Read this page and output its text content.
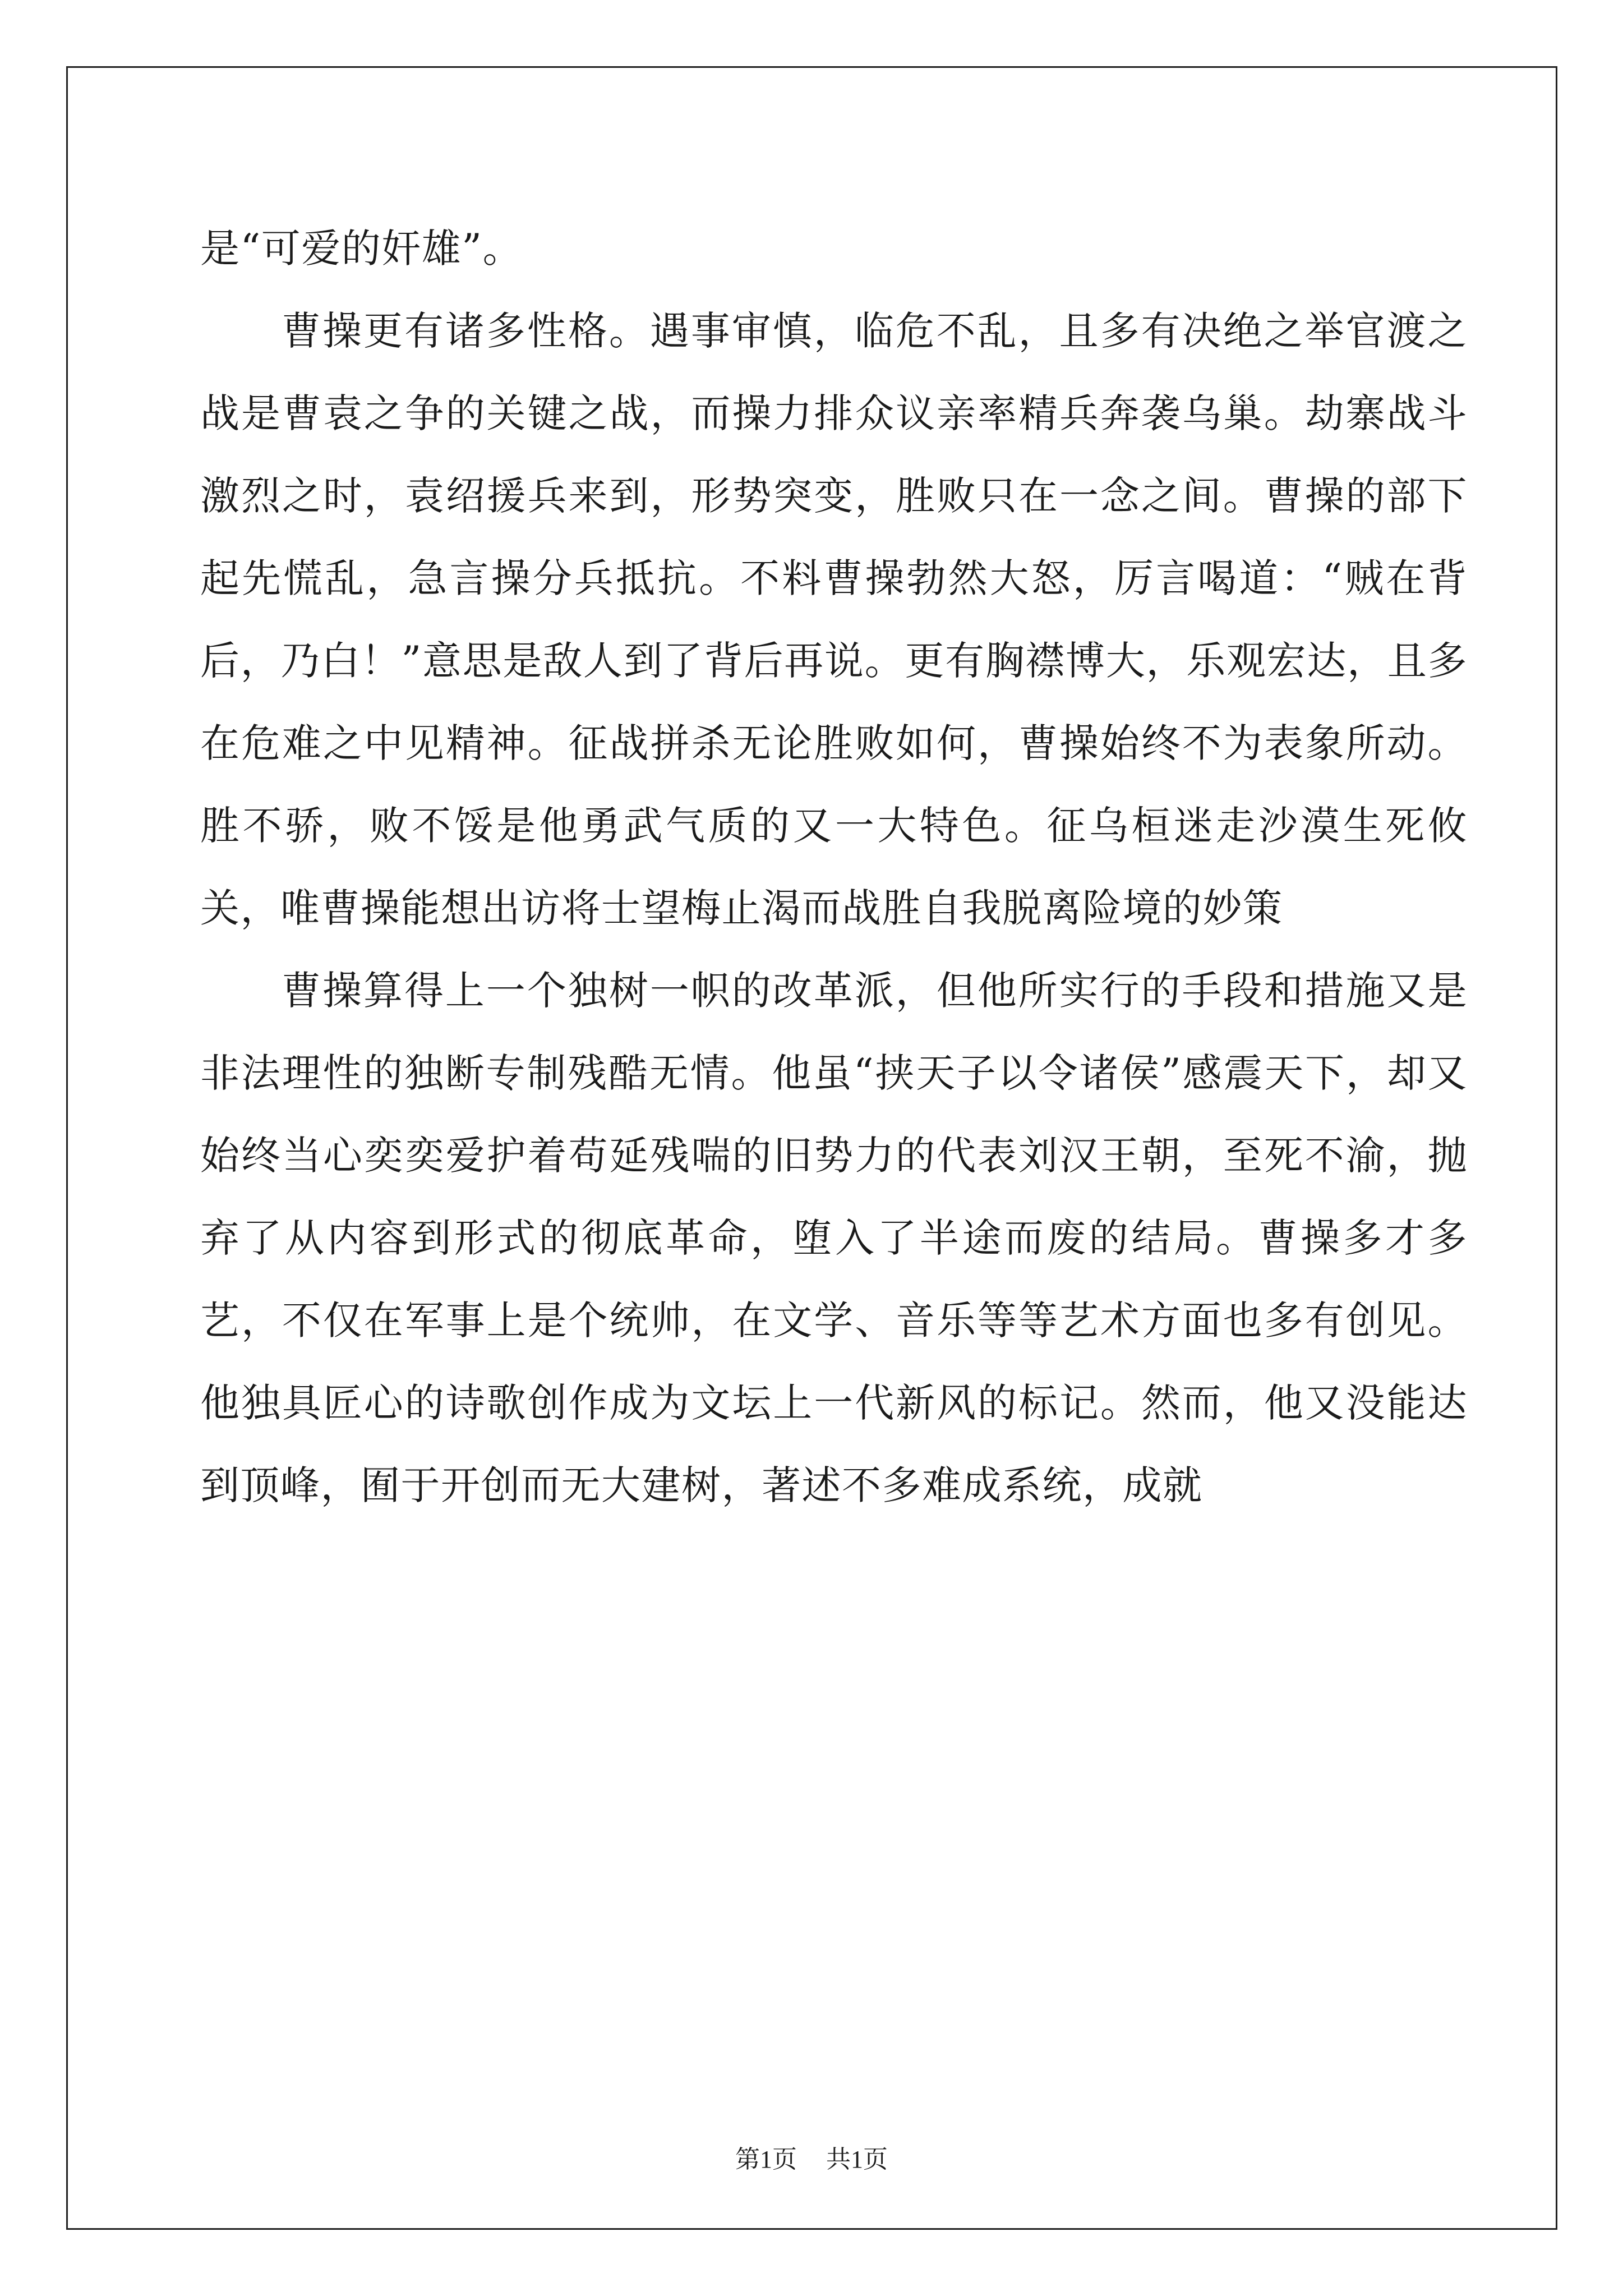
是“可爱的奸雄”。

曹操更有诸多性格。遇事审慎，临危不乱，且多有决绝之举官渡之战是曹袁之争的关键之战，而操力排众议亲率精兵奔袭乌巢。劫寨战斗激烈之时，袁绍援兵来到，形势突变，胜败只在一念之间。曹操的部下起先慌乱，急言操分兵抵抗。不料曹操勃然大怒，厉言喝道：“贼在背后，乃白！”意思是敌人到了背后再说。更有胸襟博大，乐观宏达，且多在危难之中见精神。征战拼杀无论胜败如何，曹操始终不为表象所动。胜不骄，败不馁是他勇武气质的又一大特色。征乌桓迷走沙漠生死攸关，唯曹操能想出访将士望梅止渴而战胜自我脱离险境的妙策

曹操算得上一个独树一帜的改革派，但他所实行的手段和措施又是非法理性的独断专制残酷无情。他虽“挟天子以令诸侯”感震天下，却又始终当心奕奕爱护着苟延残喘的旧势力的代表刘汉王朝，至死不渝，抛弃了从内容到形式的彻底革命，堕入了半途而废的结局。曹操多才多艺，不仅在军事上是个统帅，在文学、音乐等等艺术方面也多有创见。他独具匠心的诗歌创作成为文坛上一代新风的标记。然而，他又没能达到顶峰，囿于开创而无大建树，著述不多难成系统，成就

第1页 共1页
